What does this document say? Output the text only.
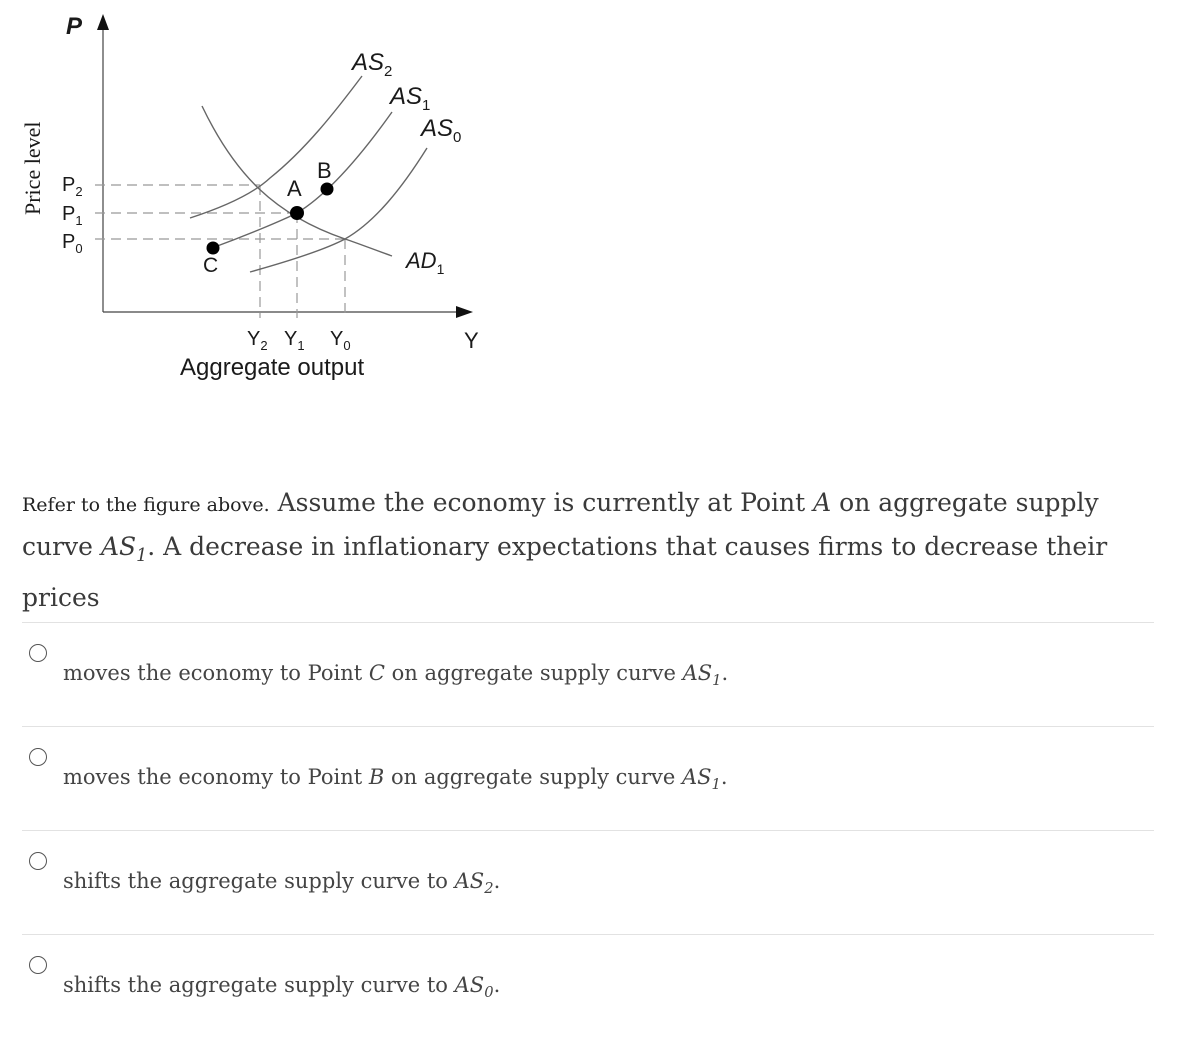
P
Price level
Y
Aggregate output
$P_2$
$P_1$
$P_0$
$Y_2$ $Y_1$ $Y_0$
$AS_2$
$AS_1$
$AS_0$
$AD_1$
A
B
C
Refer to the figure above. Assume the economy is currently at Point A on aggregate supply
curve $AS_1$. A decrease in inflationary expectations that causes firms to decrease their prices
moves the economy to Point C on aggregate supply curve $AS_1$.
moves the economy to Point B on aggregate supply curve $AS_1$.
shifts the aggregate supply curve to $AS_2$.
shifts the aggregate supply curve to $AS_0$.
